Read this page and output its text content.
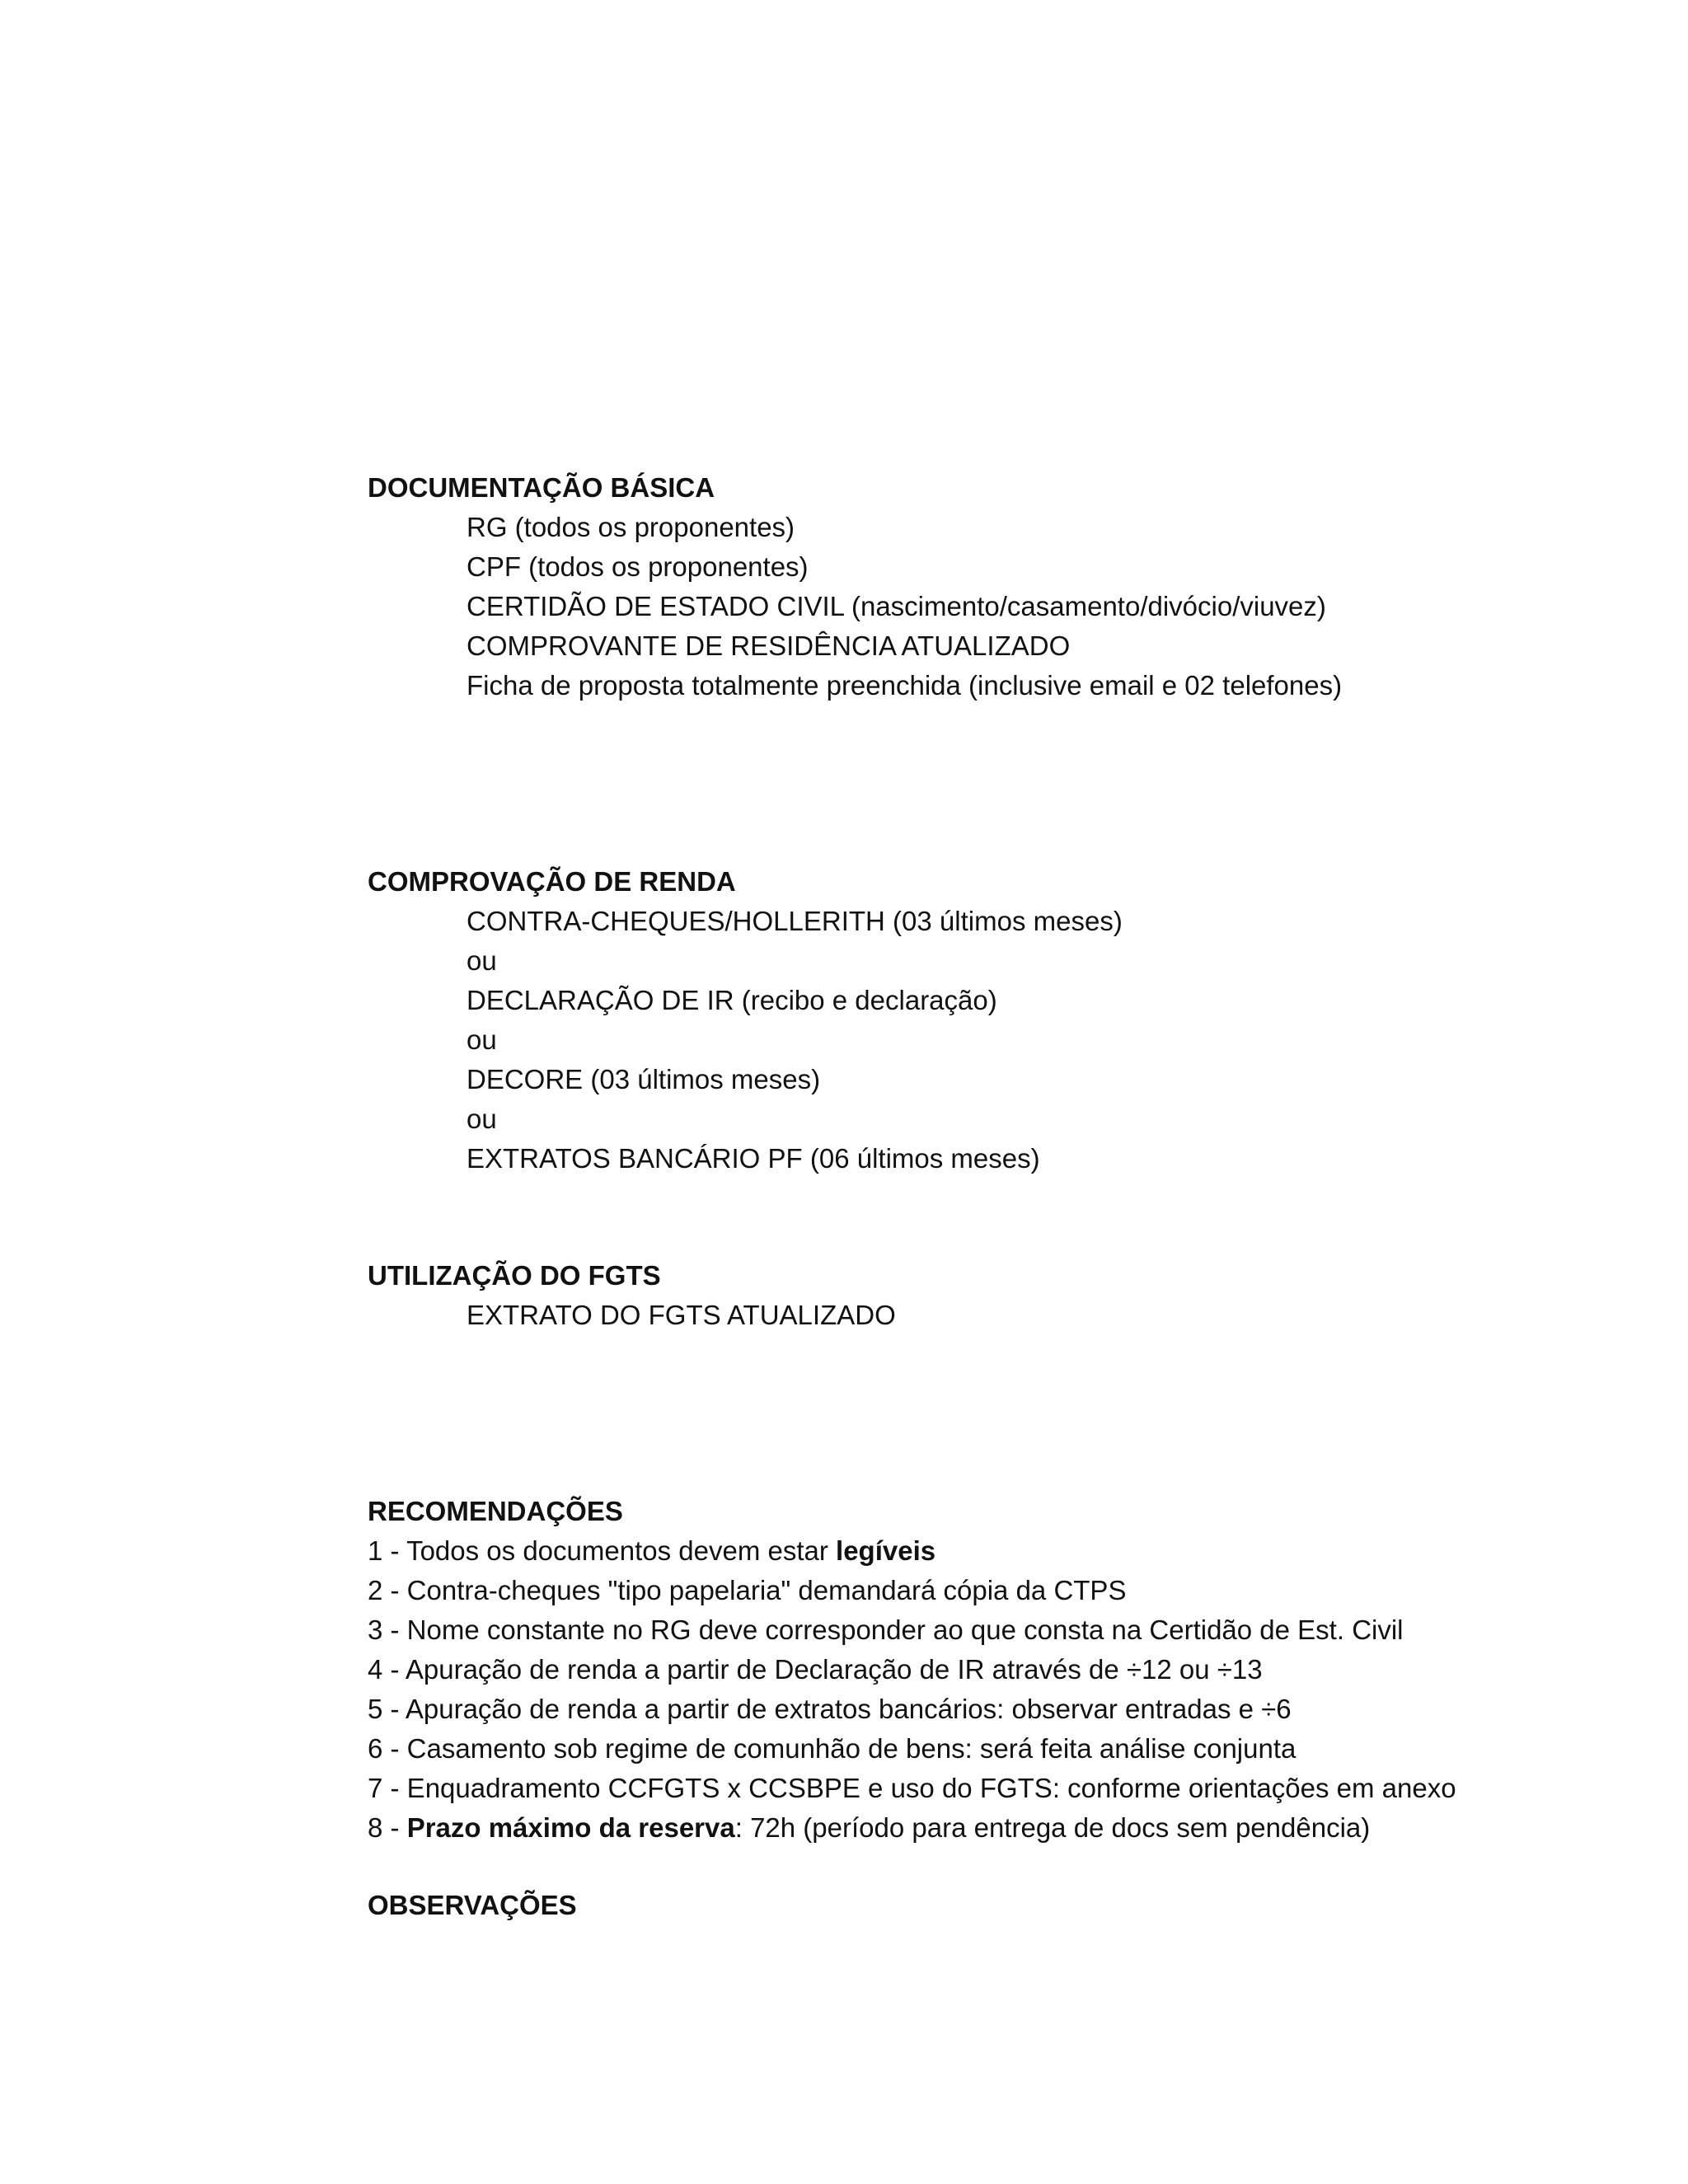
DOCUMENTAÇÃO BÁSICA
RG (todos os proponentes)
CPF (todos os proponentes)
CERTIDÃO DE ESTADO CIVIL (nascimento/casamento/divócio/viuvez)
COMPROVANTE DE RESIDÊNCIA ATUALIZADO
Ficha de proposta totalmente preenchida (inclusive email e 02 telefones)
COMPROVAÇÃO DE RENDA
CONTRA-CHEQUES/HOLLERITH (03 últimos meses)
ou
DECLARAÇÃO DE IR (recibo e declaração)
ou
DECORE (03 últimos meses)
ou
EXTRATOS BANCÁRIO PF (06 últimos meses)
UTILIZAÇÃO DO FGTS
EXTRATO DO FGTS ATUALIZADO
RECOMENDAÇÕES
1 - Todos os documentos devem estar legíveis
2 - Contra-cheques "tipo papelaria" demandará cópia da CTPS
3 - Nome constante no RG deve corresponder ao que consta na Certidão de Est. Civil
4 - Apuração de renda a partir de Declaração de IR através de ÷12 ou ÷13
5 - Apuração de renda a partir de extratos bancários: observar entradas e ÷6
6 - Casamento sob regime de comunhão de bens: será feita análise conjunta
7 - Enquadramento CCFGTS x CCSBPE e uso do FGTS: conforme orientações em anexo
8 - Prazo máximo da reserva: 72h (período para entrega de docs sem pendência)
OBSERVAÇÕES
